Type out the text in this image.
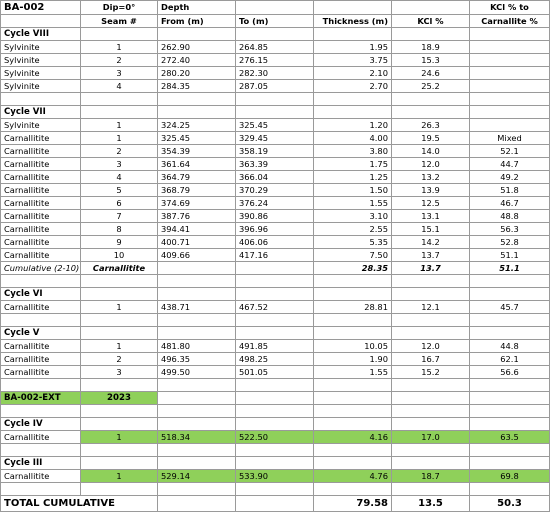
BA-002	Dip=0°	Depth				KCl % to
	Seam #	From (m)	To (m)	Thickness (m)	KCl %	Carnallite %
Cycle VIII						
Sylvinite	1	262.90	264.85	1.95	18.9	
Sylvinite	2	272.40	276.15	3.75	15.3	
Sylvinite	3	280.20	282.30	2.10	24.6	
Sylvinite	4	284.35	287.05	2.70	25.2	

Cycle VII						
Sylvinite	1	324.25	325.45	1.20	26.3	
Carnallitite	1	325.45	329.45	4.00	19.5	Mixed
Carnallitite	2	354.39	358.19	3.80	14.0	52.1
Carnallitite	3	361.64	363.39	1.75	12.0	44.7
Carnallitite	4	364.79	366.04	1.25	13.2	49.2
Carnallitite	5	368.79	370.29	1.50	13.9	51.8
Carnallitite	6	374.69	376.24	1.55	12.5	46.7
Carnallitite	7	387.76	390.86	3.10	13.1	48.8
Carnallitite	8	394.41	396.96	2.55	15.1	56.3
Carnallitite	9	400.71	406.06	5.35	14.2	52.8
Carnallitite	10	409.66	417.16	7.50	13.7	51.1
Cumulative (2-10)	Carnallitite			28.35	13.7	51.1

Cycle VI						
Carnallitite	1	438.71	467.52	28.81	12.1	45.7

Cycle V						
Carnallitite	1	481.80	491.85	10.05	12.0	44.8
Carnallitite	2	496.35	498.25	1.90	16.7	62.1
Carnallitite	3	499.50	501.05	1.55	15.2	56.6

BA-002-EXT	2023					

Cycle IV						
Carnallitite	1	518.34	522.50	4.16	17.0	63.5

Cycle III						
Carnallitite	1	529.14	533.90	4.76	18.7	69.8

TOTAL CUMULATIVE				79.58	13.5	50.3
